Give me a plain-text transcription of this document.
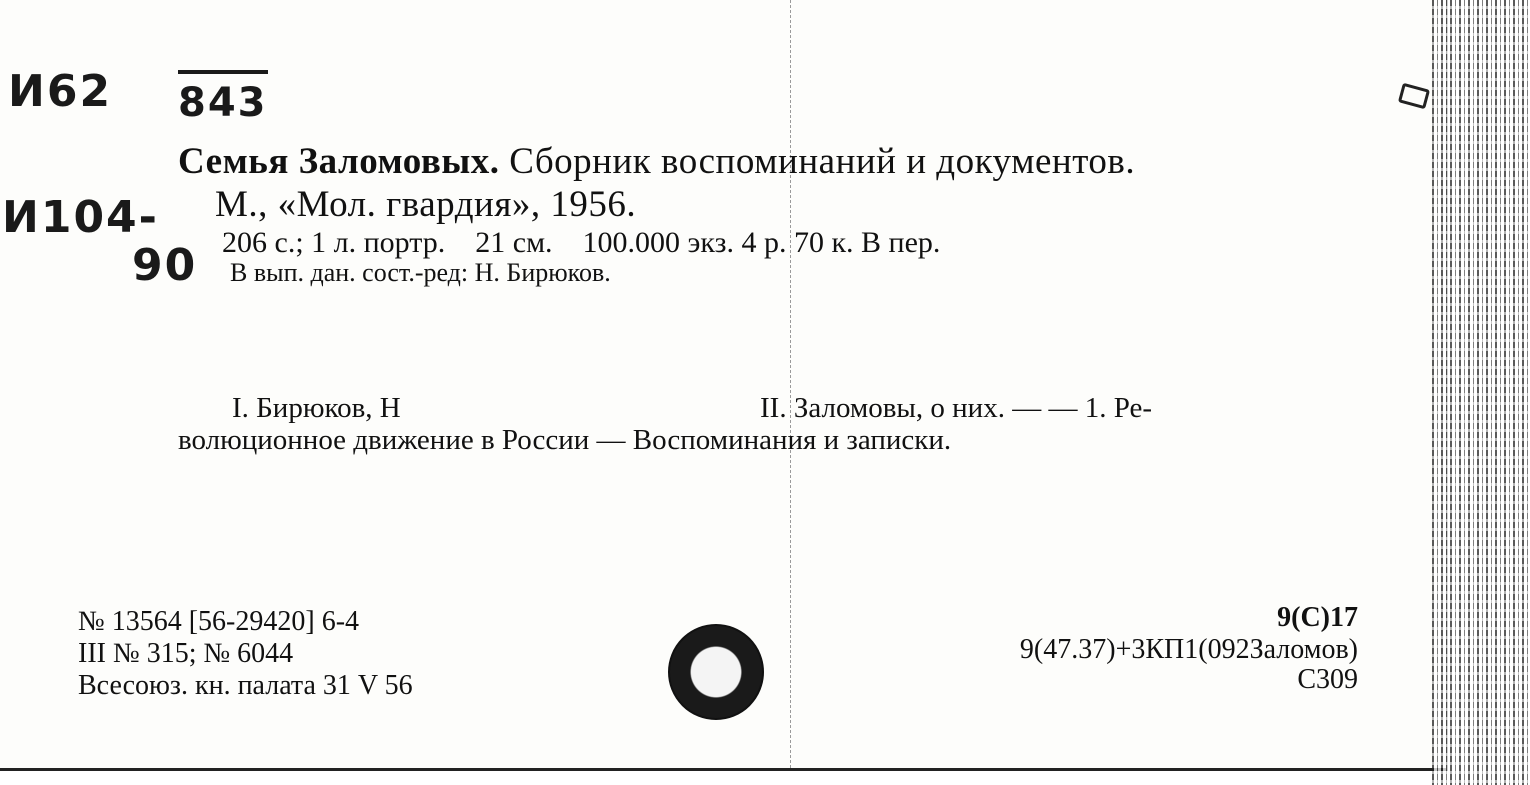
И62 843
И104-
90
Семья Заломовых. Сборник воспоминаний и документов.
М., «Мол. гвардия», 1956.
206 с.; 1 л. портр.    21 см.    100.000 экз. 4 р. 70 к. В пер.
В вып. дан. сост.-ред: Н. Бирюков.
I. Бирюков, Н	II. Заломовы, о них. — — 1. Ре-
волюционное движение в России — Воспоминания и записки.
№ 13564 [56-29420] 6-4
III № 315; № 6044
Всесоюз. кн. палата 31 V 56
9(С)17
9(47.37)+3КП1(092Заломов)
С309
